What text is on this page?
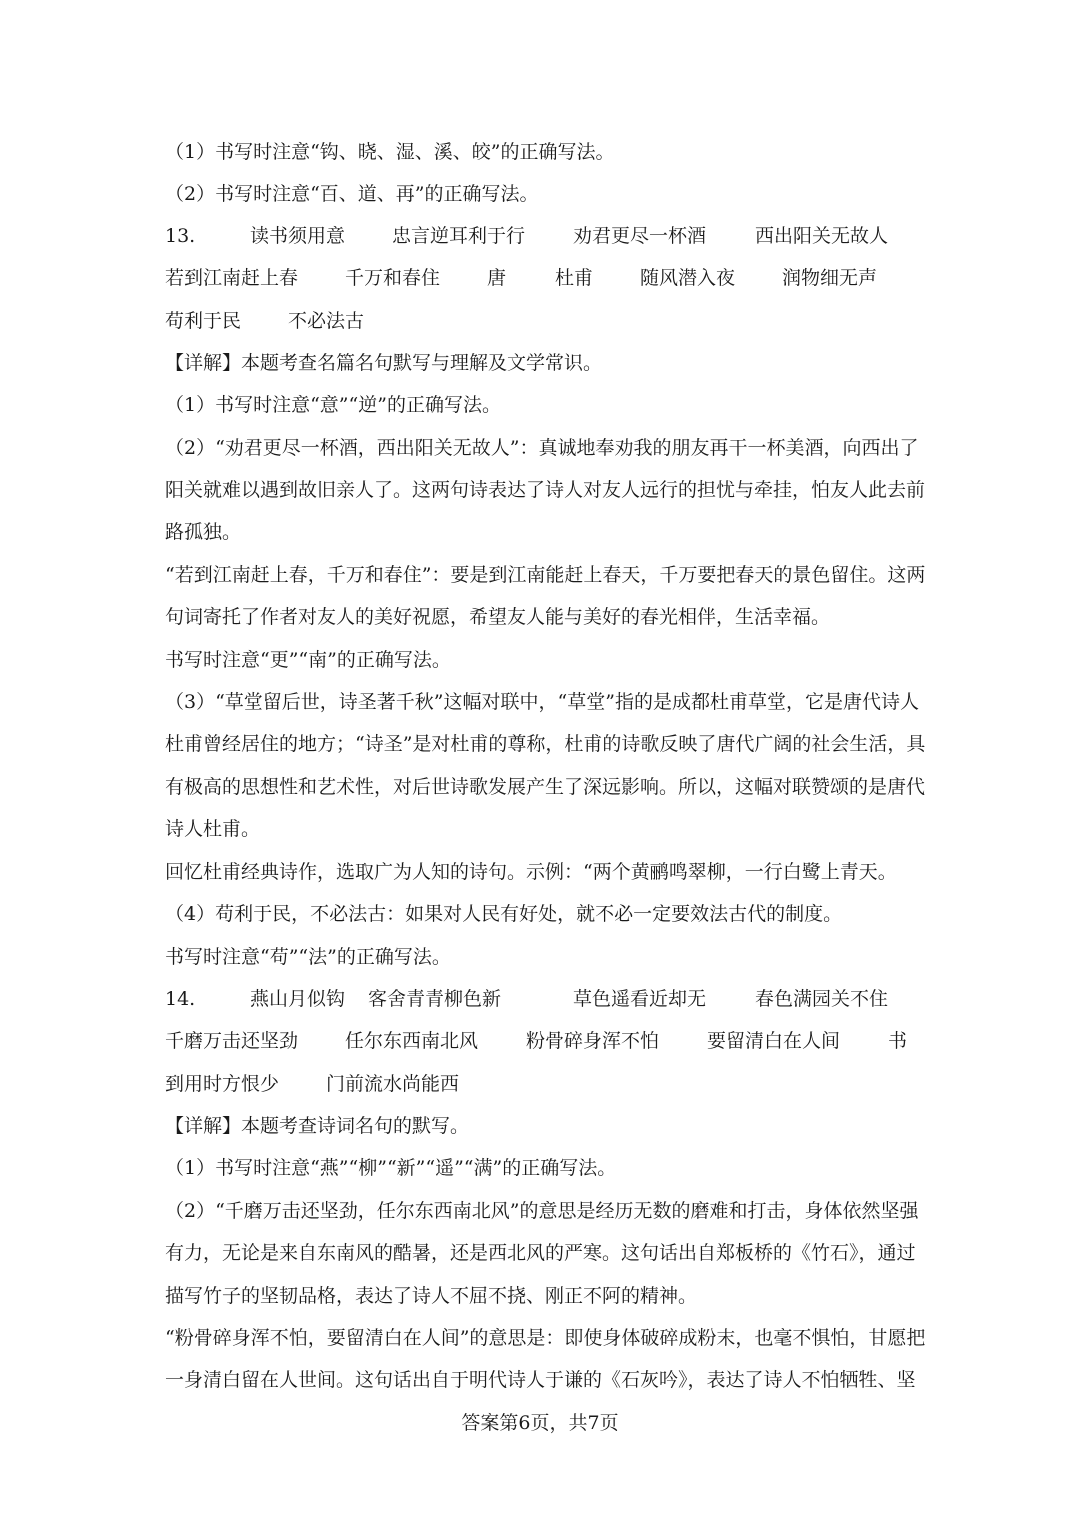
（1）书写时注意“钩、晓、湿、溪、皎”的正确写法。
（2）书写时注意“百、道、再”的正确写法。
13.	读书须用意 忠言逆耳利于行	劝君更尽一杯酒	西出阳关无故人
若到江南赶上春 千万和春住 唐	杜甫 随风潜入夜 润物细无声
苟利于民 不必法古
【详解】本题考查名篇名句默写与理解及文学常识。
（1）书写时注意“意”“逆”的正确写法。
（2）“劝君更尽一杯酒，西出阳关无故人”：真诚地奉劝我的朋友再干一杯美酒，向西出了
阳关就难以遇到故旧亲人了。这两句诗表达了诗人对友人远行的担忧与牵挂，怕友人此去前
路孤独。
“若到江南赶上春，千万和春住”：要是到江南能赶上春天，千万要把春天的景色留住。这两
句词寄托了作者对友人的美好祝愿，希望友人能与美好的春光相伴，生活幸福。
书写时注意“更”“南”的正确写法。
（3）“草堂留后世，诗圣著千秋”这幅对联中，“草堂”指的是成都杜甫草堂，它是唐代诗人
杜甫曾经居住的地方；“诗圣”是对杜甫的尊称，杜甫的诗歌反映了唐代广阔的社会生活，具
有极高的思想性和艺术性，对后世诗歌发展产生了深远影响。所以，这幅对联赞颂的是唐代
诗人杜甫。
回忆杜甫经典诗作，选取广为人知的诗句。示例：“两个黄鹂鸣翠柳，一行白鹭上青天。
（4）苟利于民，不必法古：如果对人民有好处，就不必一定要效法古代的制度。
书写时注意“苟”“法”的正确写法。
14.	燕山月似钩 客舍青青柳色新	草色遥看近却无	春色满园关不住
千磨万击还坚劲 任尔东西南北风	粉骨碎身浑不怕	要留清白在人间	书
到用时方恨少 门前流水尚能西
【详解】本题考查诗词名句的默写。
（1）书写时注意“燕”“柳”“新”“遥”“满”的正确写法。
（2）“千磨万击还坚劲，任尔东西南北风”的意思是经历无数的磨难和打击，身体依然坚强
有力，无论是来自东南风的酷暑，还是西北风的严寒。这句话出自郑板桥的《竹石》，通过
描写竹子的坚韧品格，表达了诗人不屈不挠、刚正不阿的精神。
“粉骨碎身浑不怕，要留清白在人间”的意思是：即使身体破碎成粉末，也毫不惧怕，甘愿把
一身清白留在人世间。这句话出自于明代诗人于谦的《石灰吟》，表达了诗人不怕牺牲、坚
答案第6页，共7页
